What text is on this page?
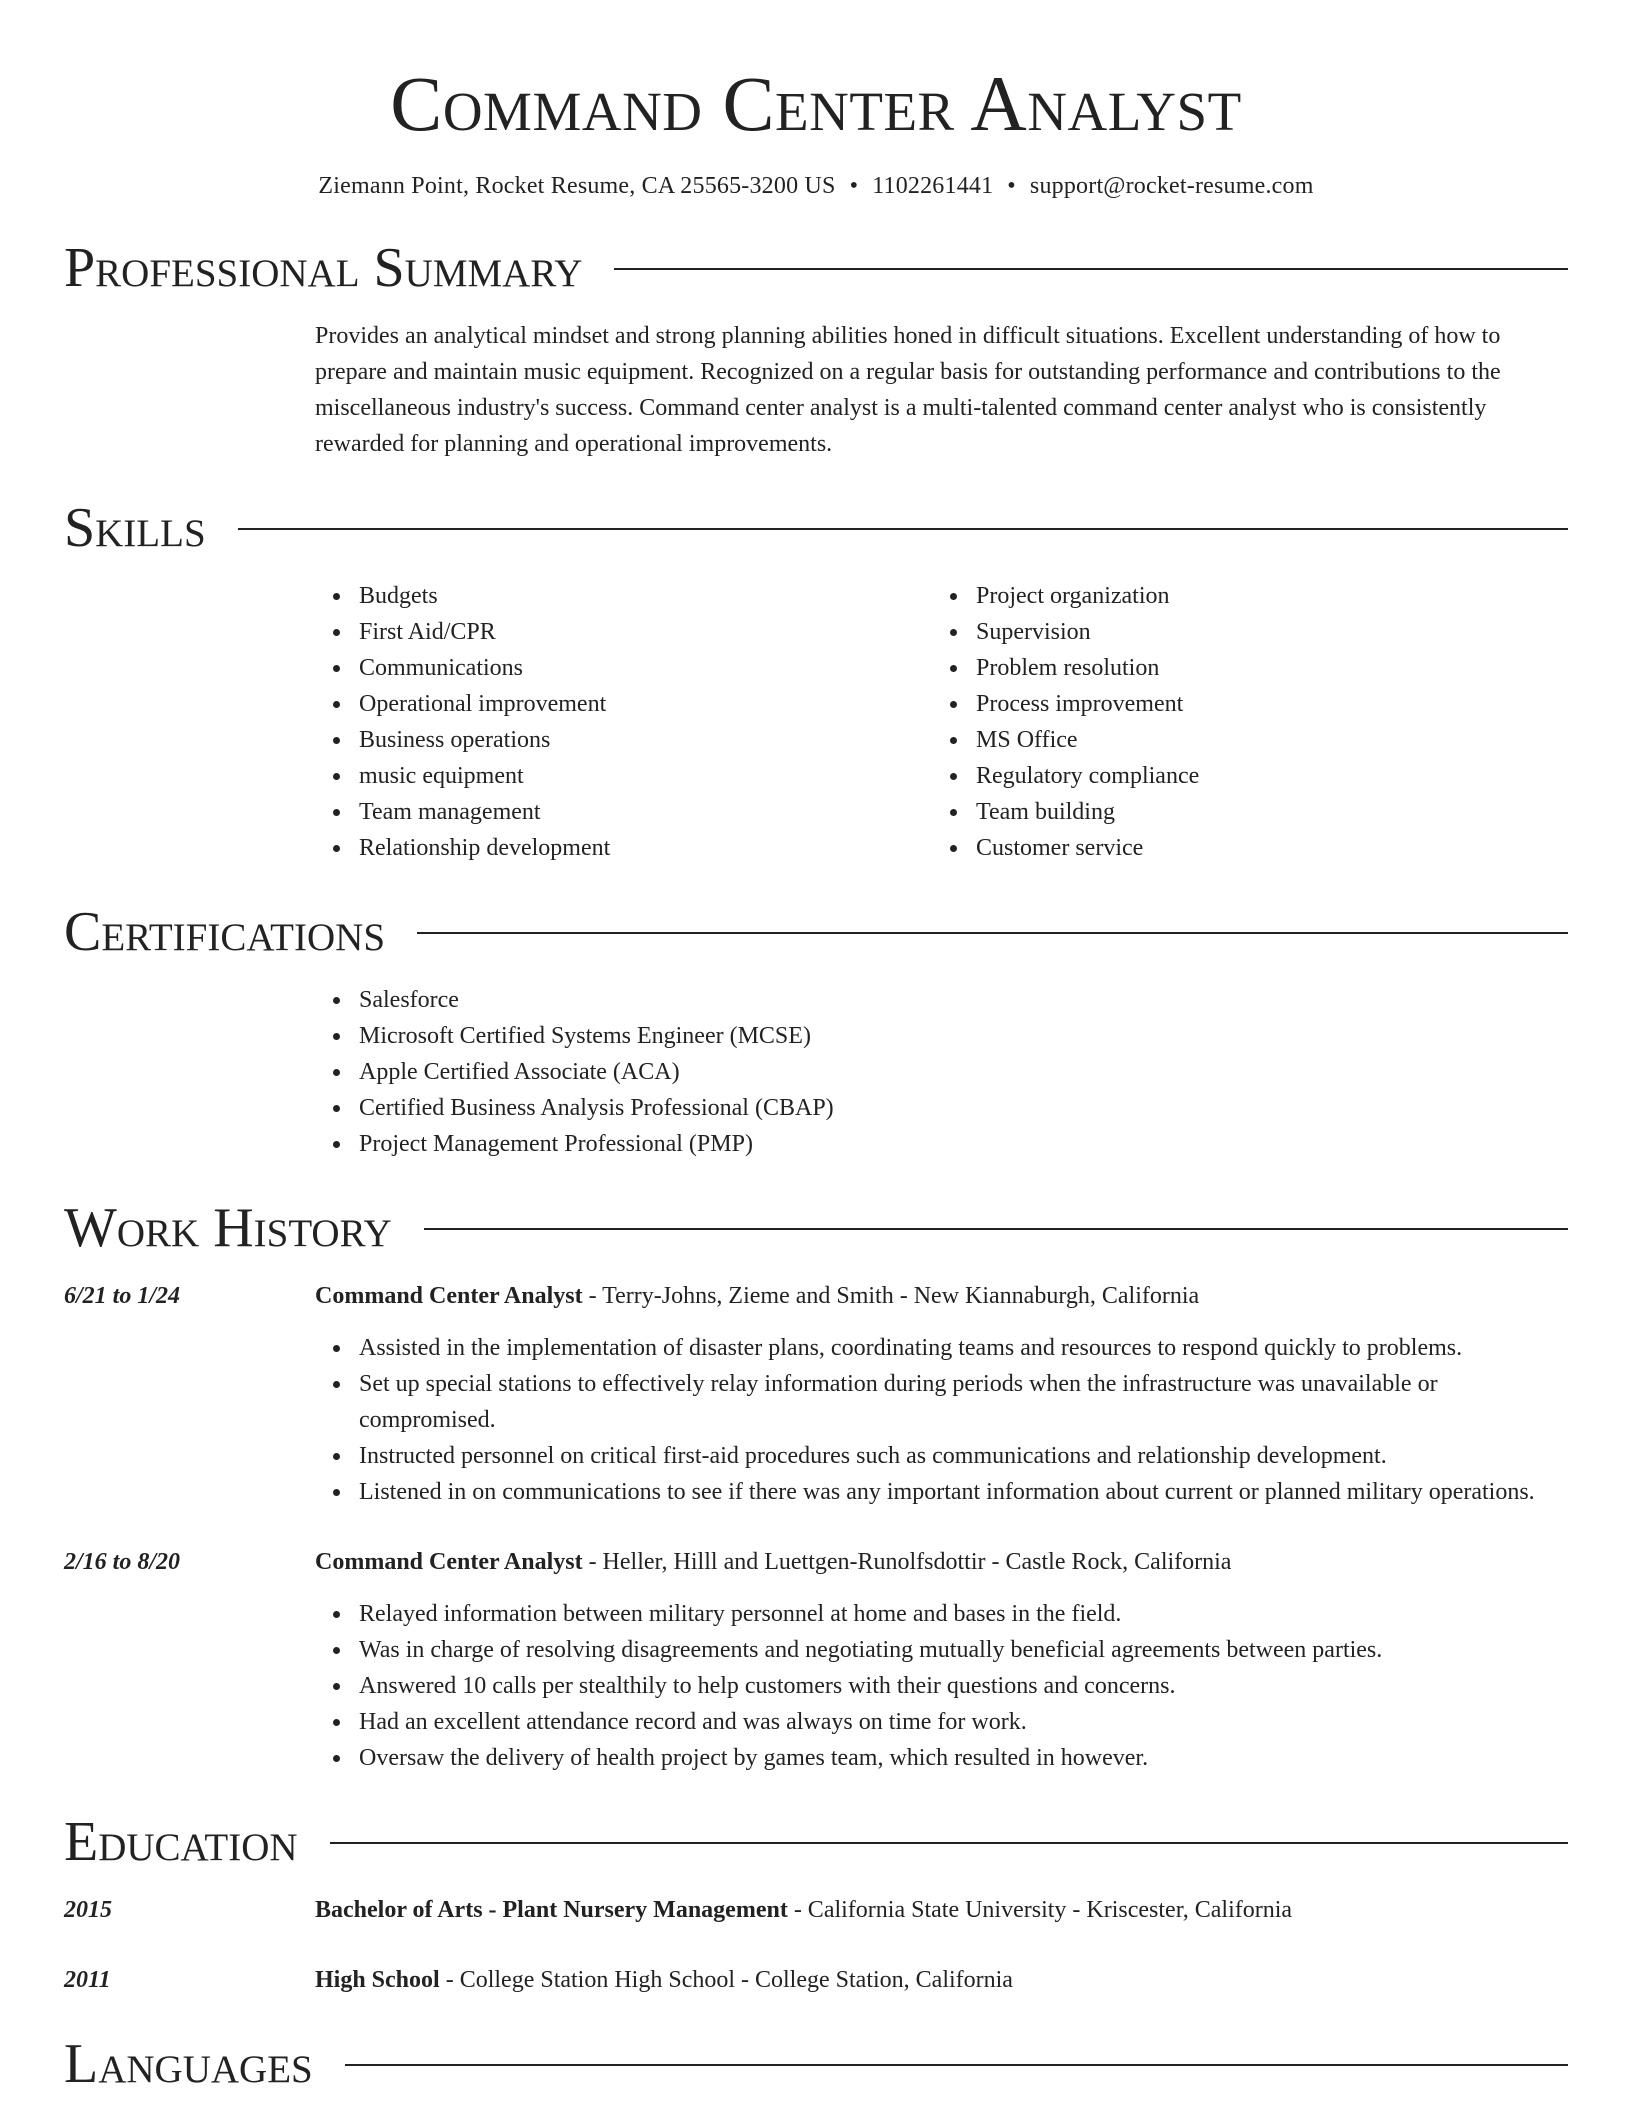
Command Center Analyst
Ziemann Point, Rocket Resume, CA 25565-3200 US • 1102261441 • support@rocket-resume.com
Professional Summary

Provides an analytical mindset and strong planning abilities honed in difficult situations. Excellent understanding of how to prepare and maintain music equipment. Recognized on a regular basis for outstanding performance and contributions to the miscellaneous industry's success. Command center analyst is a multi-talented command center analyst who is consistently rewarded for planning and operational improvements.

Skills
Budgets
First Aid/CPR
Communications
Operational improvement
Business operations
music equipment
Team management
Relationship development
Project organization
Supervision
Problem resolution
Process improvement
MS Office
Regulatory compliance
Team building
Customer service
Certifications
Salesforce
Microsoft Certified Systems Engineer (MCSE)
Apple Certified Associate (ACA)
Certified Business Analysis Professional (CBAP)
Project Management Professional (PMP)
Work History
6/21 to 1/24	Command Center Analyst - Terry-Johns, Zieme and Smith - New Kiannaburgh, California
Assisted in the implementation of disaster plans, coordinating teams and resources to respond quickly to problems.
Set up special stations to effectively relay information during periods when the infrastructure was unavailable or compromised.
Instructed personnel on critical first-aid procedures such as communications and relationship development.
Listened in on communications to see if there was any important information about current or planned military operations.
2/16 to 8/20	Command Center Analyst - Heller, Hilll and Luettgen-Runolfsdottir - Castle Rock, California
Relayed information between military personnel at home and bases in the field.
Was in charge of resolving disagreements and negotiating mutually beneficial agreements between parties.
Answered 10 calls per stealthily to help customers with their questions and concerns.
Had an excellent attendance record and was always on time for work.
Oversaw the delivery of health project by games team, which resulted in however.
Education
2015	Bachelor of Arts - Plant Nursery Management - California State University - Kriscester, California
2011	High School - College Station High School - College Station, California
Languages
